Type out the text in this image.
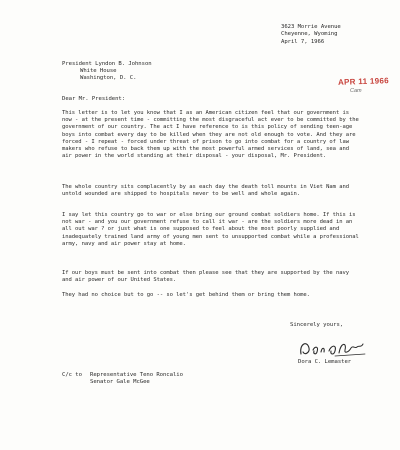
3623 Morrie Avenue
Cheyenne, Wyoming
April 7, 1966
President Lyndon B. Johnson
White House
Washington, D. C.	APR 11 1966
Cam
Dear Mr. President:
This letter is to let you know that I as an American citizen feel that our government is now - at the present time - committing the most disgraceful act ever to be committed by the government of our country. The act I have reference to is this policy of sending teen-age boys into combat every day to be killed when they are not old enough to vote. And they are forced - I repeat - forced under threat of prison to go into combat for a country of law makers who refuse to back them up with the most powerful armed services of land, sea and air power in the world standing at their disposal - your disposal, Mr. President.
The whole country sits complacently by as each day the death toll mounts in Viet Nam and untold wounded are shipped to hospitals never to be well and whole again.
I say let this country go to war or else bring our ground combat soldiers home. If this is not war - and you our government refuse to call it war - are the soldiers more dead in an all out war ? or just what is one supposed to feel about the most poorly supplied and inadequately trained land army of young men sent to unsupported combat while a professional army, navy and air power stay at home.
If our boys must be sent into combat then please see that they are supported by the navy and air power of our United States.
They had no choice but to go -- so let's get behind them or bring them home.
Sincerely yours,
Dora C. Lemaster
C/c to Representative Teno Roncalio
Senator Gale McGee
